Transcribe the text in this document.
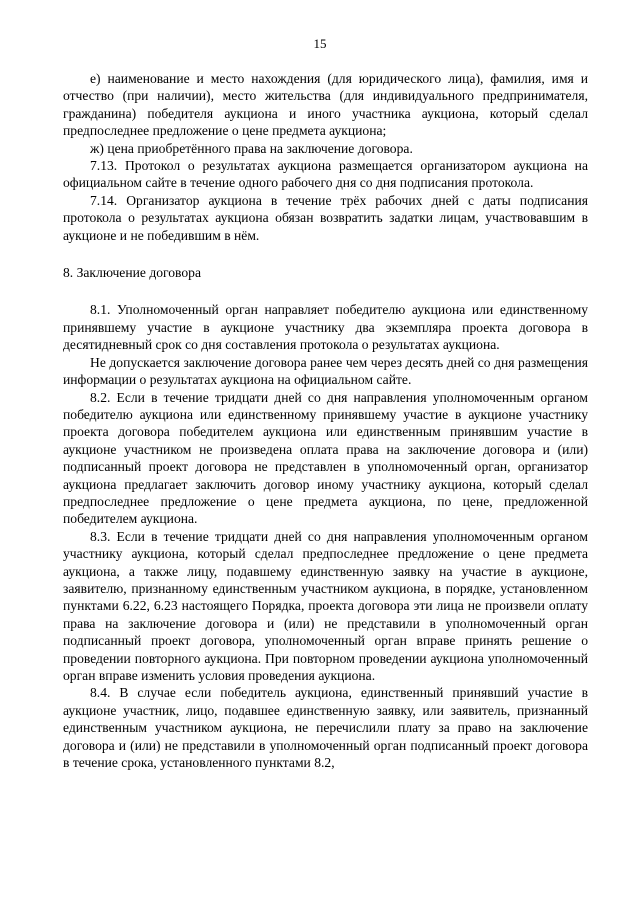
15

е) наименование и место нахождения (для юридического лица), фамилия, имя и отчество (при наличии), место жительства (для индивидуального предпринимателя, гражданина) победителя аукциона и иного участника аукциона, который сделал предпоследнее предложение о цене предмета аукциона;

ж) цена приобретённого права на заключение договора.

7.13. Протокол о результатах аукциона размещается организатором аукциона на официальном сайте в течение одного рабочего дня со дня подписания протокола.

7.14. Организатор аукциона в течение трёх рабочих дней с даты подписания протокола о результатах аукциона обязан возвратить задатки лицам, участвовавшим в аукционе и не победившим в нём.

8. Заключение договора

8.1. Уполномоченный орган направляет победителю аукциона или единственному принявшему участие в аукционе участнику два экземпляра проекта договора в десятидневный срок со дня составления протокола о результатах аукциона.

Не допускается заключение договора ранее чем через десять дней со дня размещения информации о результатах аукциона на официальном сайте.

8.2. Если в течение тридцати дней со дня направления уполномоченным органом победителю аукциона или единственному принявшему участие в аукционе участнику проекта договора победителем аукциона или единственным принявшим участие в аукционе участником не произведена оплата права на заключение договора и (или) подписанный проект договора не представлен в уполномоченный орган, организатор аукциона предлагает заключить договор иному участнику аукциона, который сделал предпоследнее предложение о цене предмета аукциона, по цене, предложенной победителем аукциона.

8.3. Если в течение тридцати дней со дня направления уполномоченным органом участнику аукциона, который сделал предпоследнее предложение о цене предмета аукциона, а также лицу, подавшему единственную заявку на участие в аукционе, заявителю, признанному единственным участником аукциона, в порядке, установленном пунктами 6.22, 6.23 настоящего Порядка, проекта договора эти лица не произвели оплату права на заключение договора и (или) не представили в уполномоченный орган подписанный проект договора, уполномоченный орган вправе принять решение о проведении повторного аукциона. При повторном проведении аукциона уполномоченный орган вправе изменить условия проведения аукциона.

8.4. В случае если победитель аукциона, единственный принявший участие в аукционе участник, лицо, подавшее единственную заявку, или заявитель, признанный единственным участником аукциона, не перечислили плату за право на заключение договора и (или) не представили в уполномоченный орган подписанный проект договора в течение срока, установленного пунктами 8.2,
